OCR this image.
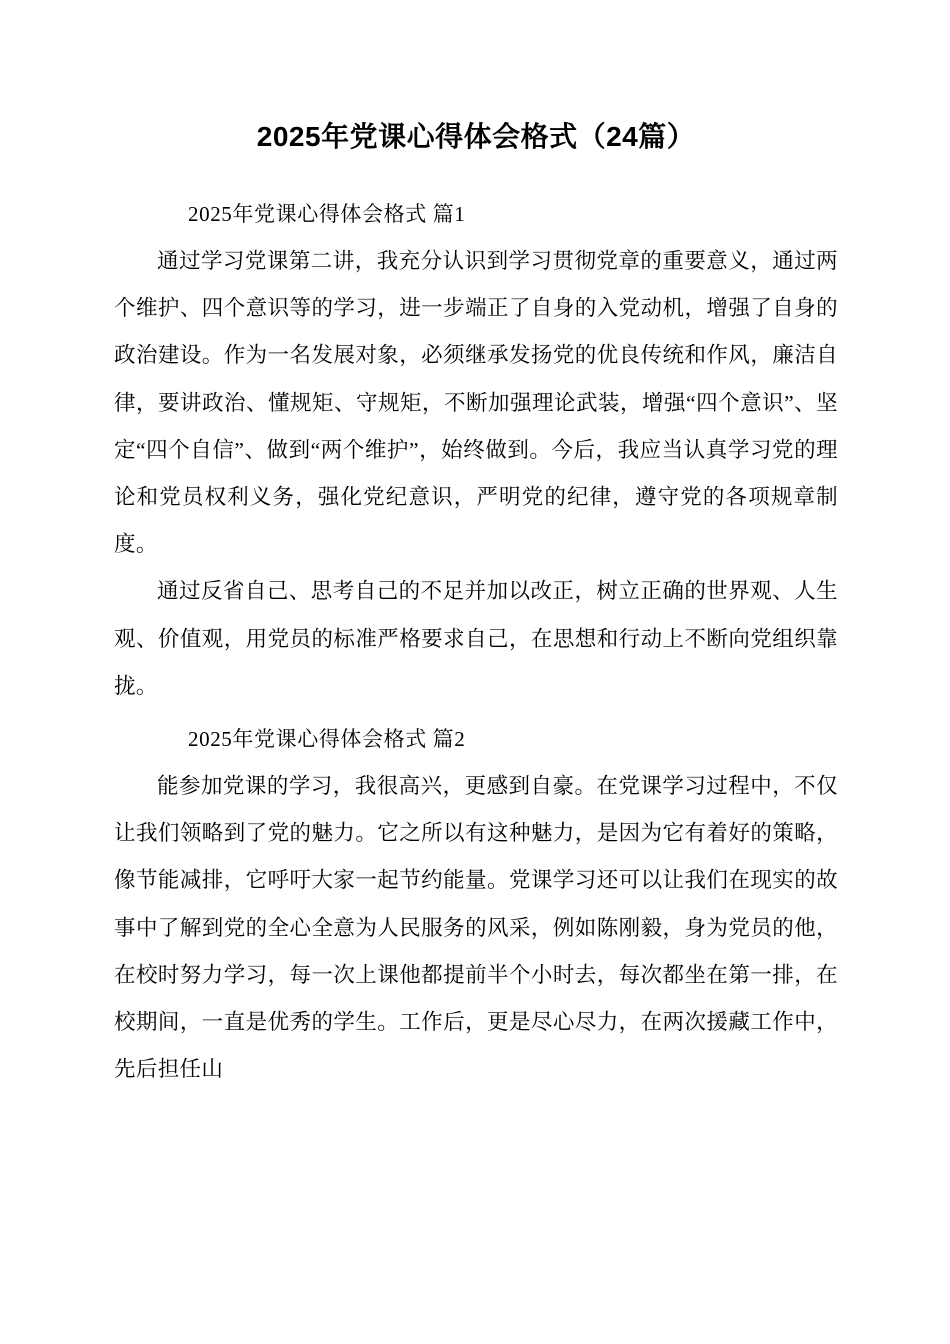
2025年党课心得体会格式（24篇）
2025年党课心得体会格式 篇1

通过学习党课第二讲，我充分认识到学习贯彻党章的重要意义，通过两个维护、四个意识等的学习，进一步端正了自身的入党动机，增强了自身的政治建设。作为一名发展对象，必须继承发扬党的优良传统和作风，廉洁自律，要讲政治、懂规矩、守规矩，不断加强理论武装，增强“四个意识”、坚定“四个自信”、做到“两个维护”，始终做到。今后，我应当认真学习党的理论和党员权利义务，强化党纪意识，严明党的纪律，遵守党的各项规章制度。

通过反省自己、思考自己的不足并加以改正，树立正确的世界观、人生观、价值观，用党员的标准严格要求自己，在思想和行动上不断向党组织靠拢。

2025年党课心得体会格式 篇2

能参加党课的学习，我很高兴，更感到自豪。在党课学习过程中，不仅让我们领略到了党的魅力。它之所以有这种魅力，是因为它有着好的策略，像节能减排，它呼吁大家一起节约能量。党课学习还可以让我们在现实的故事中了解到党的全心全意为人民服务的风采，例如陈刚毅，身为党员的他，在校时努力学习，每一次上课他都提前半个小时去，每次都坐在第一排，在校期间，一直是优秀的学生。工作后，更是尽心尽力，在两次援藏工作中，先后担任山
